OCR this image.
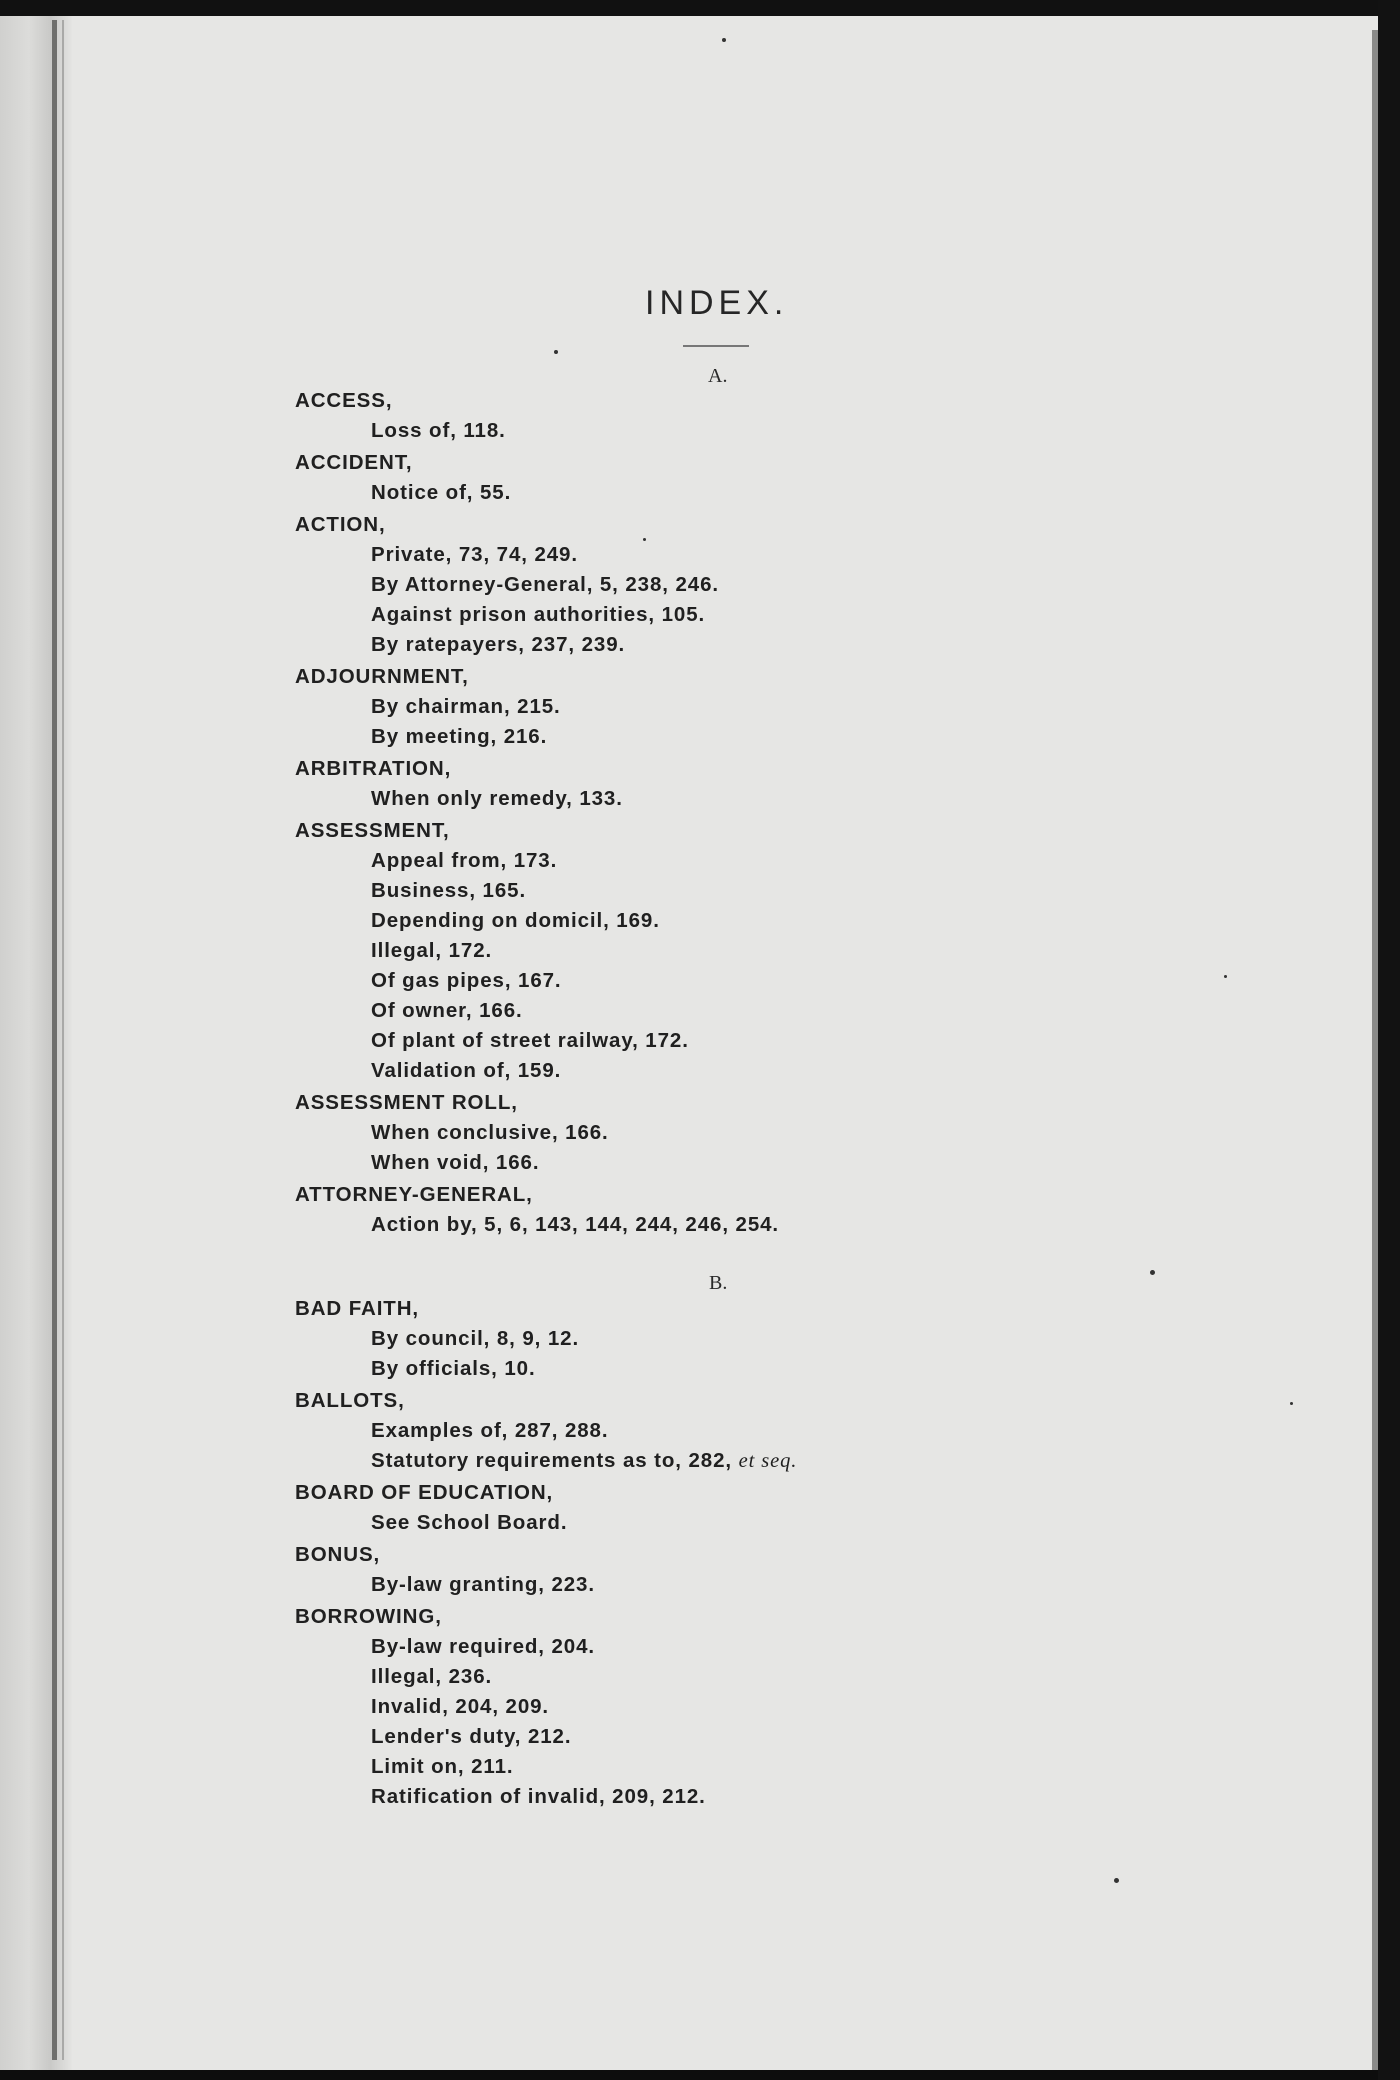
INDEX.
A.
B.
ACCESS,
Loss of, 118.
ACCIDENT,
Notice of, 55.
ACTION,
Private, 73, 74, 249.
By Attorney-General, 5, 238, 246.
Against prison authorities, 105.
By ratepayers, 237, 239.
ADJOURNMENT,
By chairman, 215.
By meeting, 216.
ARBITRATION,
When only remedy, 133.
ASSESSMENT,
Appeal from, 173.
Business, 165.
Depending on domicil, 169.
Illegal, 172.
Of gas pipes, 167.
Of owner, 166.
Of plant of street railway, 172.
Validation of, 159.
ASSESSMENT ROLL,
When conclusive, 166.
When void, 166.
ATTORNEY-GENERAL,
Action by, 5, 6, 143, 144, 244, 246, 254.
BAD FAITH,
By council, 8, 9, 12.
By officials, 10.
BALLOTS,
Examples of, 287, 288.
Statutory requirements as to, 282, et seq.
BOARD OF EDUCATION,
See School Board.
BONUS,
By-law granting, 223.
BORROWING,
By-law required, 204.
Illegal, 236.
Invalid, 204, 209.
Lender's duty, 212.
Limit on, 211.
Ratification of invalid, 209, 212.
